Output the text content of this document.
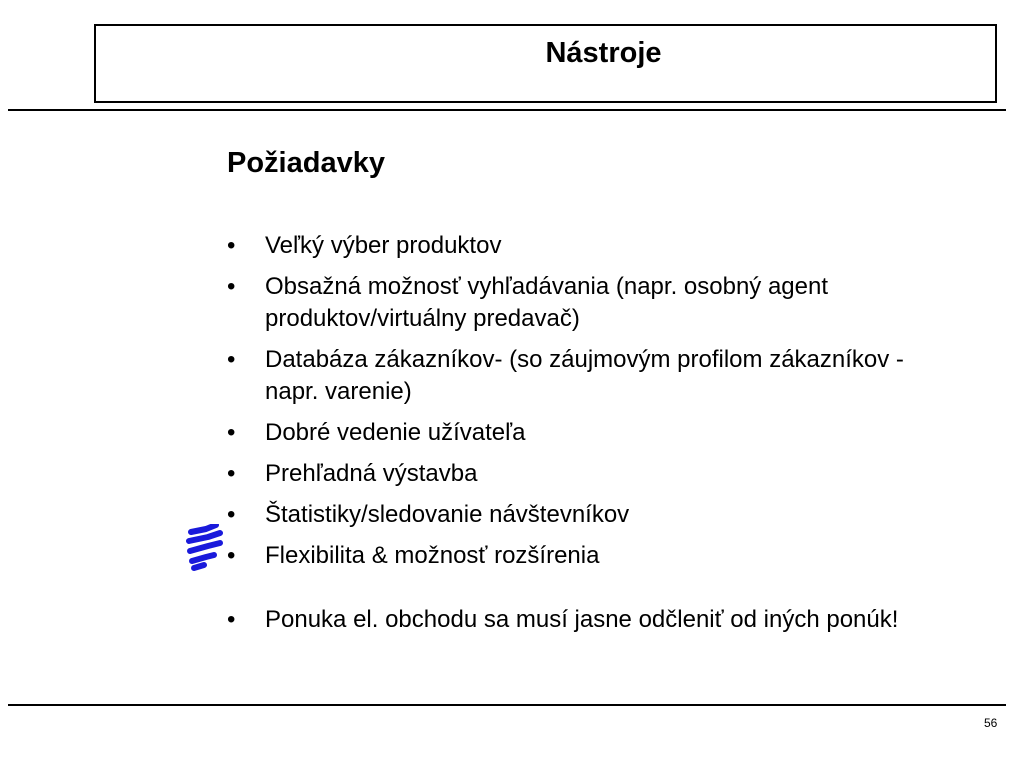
Nástroje
Požiadavky
• Veľký výber produktov
• Obsažná možnosť vyhľadávania (napr. osobný agent produktov/virtuálny predavač)
• Databáza zákazníkov- (so záujmovým profilom zákazníkov - napr. varenie)
• Dobré vedenie užívateľa
• Prehľadná výstavba
• Štatistiky/sledovanie návštevníkov
• Flexibilita & možnosť rozšírenia
• Ponuka el. obchodu sa musí jasne odčleniť od iných ponúk!
56
